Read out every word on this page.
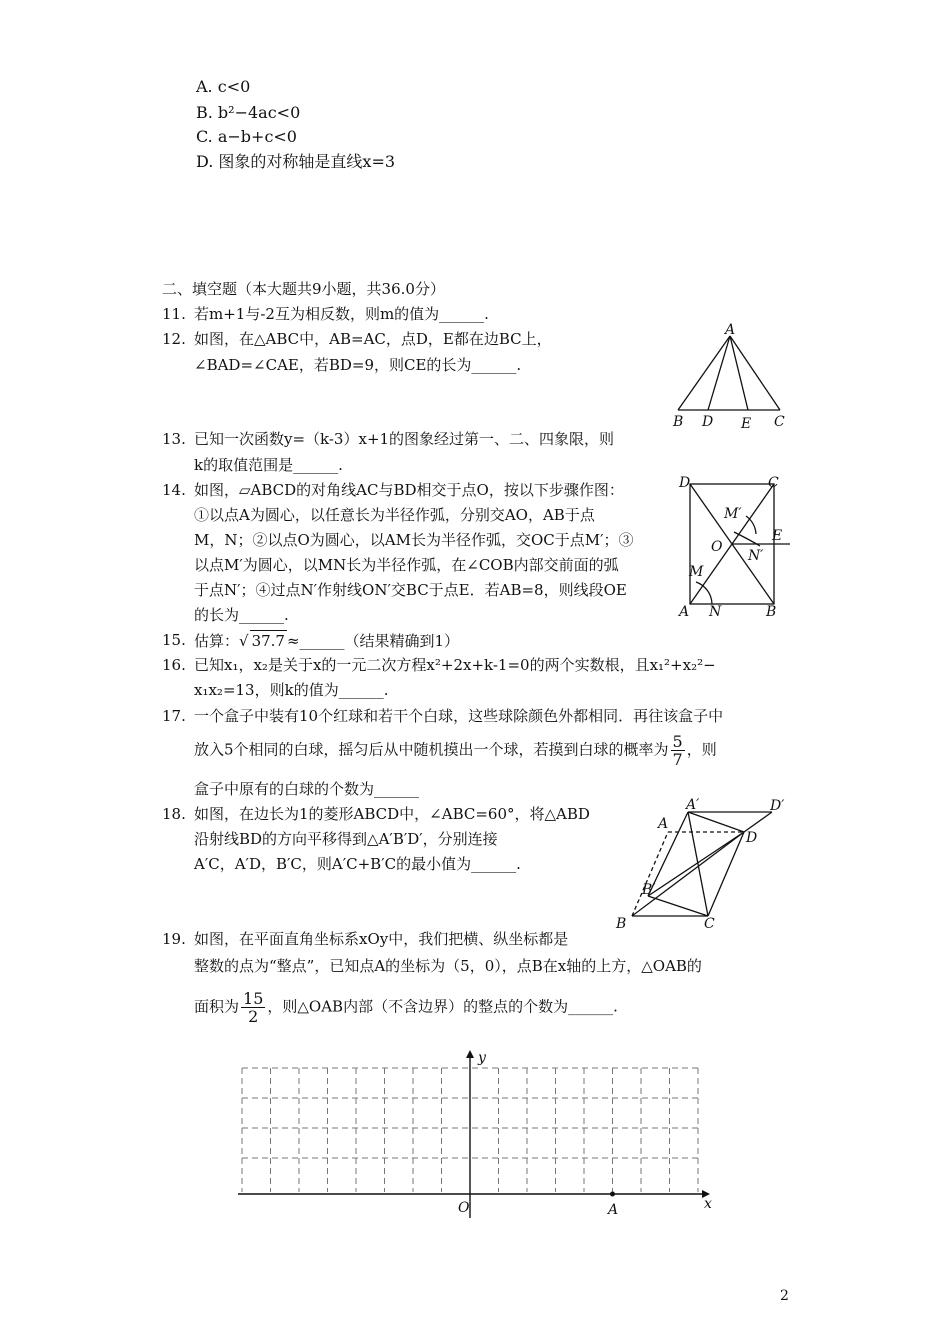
A. c<0
B. b²−4ac<0
C. a−b+c<0
D. 图象的对称轴是直线x=3
二、填空题（本大题共9小题，共36.0分）
11. 若m+1与-2互为相反数，则m的值为______.
12. 如图，在△ABC中，AB=AC，点D，E都在边BC上，
∠BAD=∠CAE，若BD=9，则CE的长为______.
A
B D E C
13. 已知一次函数y=（k-3）x+1的图象经过第一、二、四象限，则
k的取值范围是______.
14. 如图，▱ABCD的对角线AC与BD相交于点O，按以下步骤作图：
①以点A为圆心，以任意长为半径作弧，分别交AO，AB于点
M，N；②以点O为圆心，以AM长为半径作弧，交OC于点M′；③
以点M′为圆心，以MN长为半径作弧，在∠COB内部交前面的弧
于点N′；④过点N′作射线ON′交BC于点E．若AB=8，则线段OE
的长为______.
D	C
M′
E
O
N′
M
A N	B
15. 估算：√ 37.7 ≈______（结果精确到1）
16. 已知x₁，x₂是关于x的一元二次方程x²+2x+k-1=0的两个实数根，且x₁²+x₂²−
x₁x₂=13，则k的值为______.
17. 一个盒子中装有10个红球和若干个白球，这些球除颜色外都相同．再往该盒子中
放入5个相同的白球，摇匀后从中随机摸出一个球，若摸到白球的概率为 $\frac{5}{7}$ ，则
盒子中原有的白球的个数为______
18. 如图，在边长为1的菱形ABCD中，∠ABC=60°，将△ABD
沿射线BD的方向平移得到△A′B′D′，分别连接
A′C，A′D，B′C，则A′C+B′C的最小值为______.
A′	D′
A
D
B′
B	C
19. 如图，在平面直角坐标系xOy中，我们把横、纵坐标都是
整数的点为“整点”，已知点A的坐标为（5，0），点B在x轴的上方，△OAB的
面积为 $\frac{15}{2}$ ，则△OAB内部（不含边界）的整点的个数为______.
x
y
O	A
2
